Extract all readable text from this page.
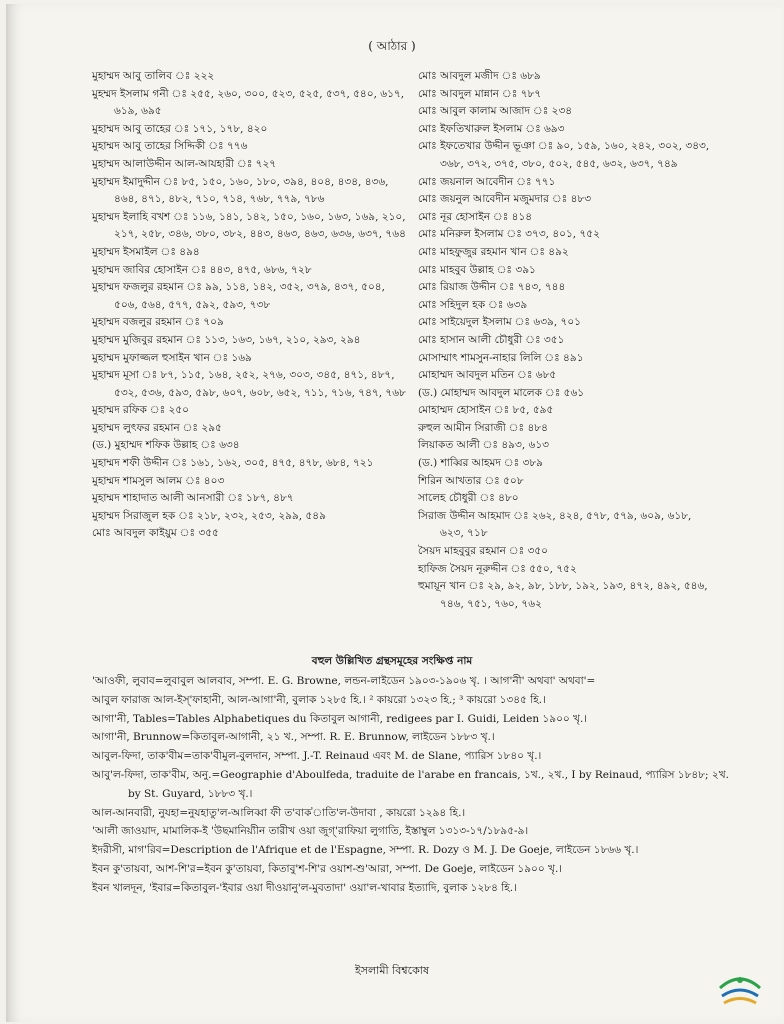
( আঠার )
মুহাম্মদ আবু তালিব ঃ ২২২
মুহম্মদ ইসলাম গনী ঃ ২৫৫, ২৬০, ৩০০, ৫২৩, ৫২৫, ৫৩৭, ৫৪০, ৬১৭, ৬১৯, ৬৯৫
মুহাম্মদ আবু তাহের ঃ ১৭১, ১৭৮, ৪২০
মুহাম্মদ আবু তাহের সিদ্দিকী ঃ ৭৭৬
মুহাম্মদ আলাউদ্দীন আল-আযহারী ঃ ৭২৭
মুহাম্মদ ইমাদুদ্দীন ঃ ৮৫, ১৫০, ১৬০, ১৮০, ৩৯৪, ৪০৪, ৪৩৪, ৪৩৬, ৪৬৪, ৪৭১, ৪৮২, ৭১০, ৭১৪, ৭৬৮, ৭৭৯, ৭৮৬
মুহাম্মদ ইলাহি বখশ ঃ ১১৬, ১৪১, ১৪২, ১৫০, ১৬০, ১৬৩, ১৬৯, ২১০, ২১৭, ২৫৮, ৩৪৬, ৩৮০, ৩৮২, ৪৪৩, ৪৬৩, ৪৬৩, ৬৩৬, ৬৩৭, ৭৬৪
মুহাম্মদ ইসমাইল ঃ ৪৯৪
মুহাম্মদ জাবির হোসাইন ঃ ৪৪৩, ৪৭৫, ৬৮৬, ৭২৮
মুহাম্মদ ফজলুর রহমান ঃ ৯৯, ১১৪, ১৪২, ৩৫২, ৩৭৯, ৪৩৭, ৫০৪, ৫০৬, ৫৬৪, ৫৭৭, ৫৯২, ৫৯৩, ৭৩৮
মুহাম্মদ বজলুর রহমান ঃ ৭০৯
মুহাম্মদ মুজিবুর রহমান ঃ ১১৩, ১৬৩, ১৬৭, ২১০, ২৯৩, ২৯৪
মুহাম্মদ মুফাজ্জল হুসাইন খান ঃ ১৬৯
মুহাম্মদ মূসা ঃ ৮৭, ১১৫, ১৬৪, ২৫২, ২৭৬, ৩০৩, ৩৪৫, ৪৭১, ৪৮৭, ৫৩২, ৫৩৬, ৫৯৩, ৫৯৮, ৬০৭, ৬০৮, ৬৫২, ৭১১, ৭১৬, ৭৪৭, ৭৬৮
মুহাম্মদ রফিক ঃ ২৫০
মুহাম্মদ লুৎফর রহমান ঃ ২৯৫
(ড.) মুহাম্মদ শফিক উল্লাহ ঃ ৬৩৪
মুহাম্মদ শফী উদ্দীন ঃ ১৬১, ১৬২, ৩০৫, ৪৭৫, ৪৭৮, ৬৮৪, ৭২১
মুহাম্মদ শামসুল আলম ঃ ৪০৩
মুহাম্মদ শাহাদাত আলী আনসারী ঃ ১৮৭, ৪৮৭
মুহাম্মদ সিরাজুল হক ঃ ২১৮, ২৩২, ২৫৩, ২৯৯, ৫৪৯
মোঃ আবদুল কাইয়ুম ঃ ৩৫৫
মোঃ আবদুল মজীদ ঃ ৬৮৯
মোঃ আবদুল মান্নান ঃ ৭৮৭
মোঃ আবুল কালাম আজাদ ঃ ২৩৪
মোঃ ইফতিখারুল ইসলাম ঃ ৬৯৩
মোঃ ইফতেখার উদ্দীন ভূঞা ঃ ৯০, ১৫৯, ১৬০, ২৪২, ৩০২, ৩৪৩, ৩৬৮, ৩৭২, ৩৭৫, ৩৮০, ৫০২, ৫৪৫, ৬৩২, ৬৩৭, ৭৪৯
মোঃ জয়নাল আবেদীন ঃ ৭৭১
মোঃ জয়নুল আবেদীন মজুমদার ঃ ৪৮৩
মোঃ নূর হোসাইন ঃ ৪১৪
মোঃ মনিরুল ইসলাম ঃ ৩৭৩, ৪০১, ৭৫২
মোঃ মাহফুজুর রহমান খান ঃ ৪৯২
মোঃ মাহবুব উল্লাহ ঃ ৩৯১
মোঃ রিয়াজ উদ্দীন ঃ ৭৪৩, ৭৪৪
মোঃ সহিদুল হক ঃ ৬৩৯
মোঃ সাইয়েদুল ইসলাম ঃ ৬৩৯, ৭০১
মোঃ হাসান আলী চৌধুরী ঃ ৩৫১
মোসাম্মাৎ শামসুন-নাহার লিলি ঃ ৪৯১
মোহাম্মদ আবদুল মতিন ঃ ৬৮৫
(ড.) মোহাম্মদ আবদুল মালেক ঃ ৫৬১
মোহাম্মদ হোসাইন ঃ ৮৫, ৫৯৫
রুহুল আমীন সিরাজী ঃ ৪৮৪
লিয়াকত আলী ঃ ৪৯৩, ৬১৩
(ড.) শাব্বির আহমদ ঃ ৩৮৯
শিরিন আখতার ঃ ৫০৮
সালেহ চৌধুরী ঃ ৪৮০
সিরাজ উদ্দীন আহমাদ ঃ ২৬২, ৪২৪, ৫৭৮, ৫৭৯, ৬০৯, ৬১৮, ৬২৩, ৭১৮
সৈয়দ মাহবুবুর রহমান ঃ ৩৫০
হাফিজ সৈয়দ নূরুদ্দীন ঃ ৫৫০, ৭৫২
হুমায়ূন খান ঃ ২৯, ৯২, ৯৮, ১৮৮, ১৯২, ১৯৩, ৪৭২, ৪৯২, ৫৪৬, ৭৪৬, ৭৫১, ৭৬০, ৭৬২
বহুল উল্লিখিত গ্রন্থসমূহের সংক্ষিপ্ত নাম
'আওফী, লুবাব=লুবাবুল আলবাব, সম্পা. E. G. Browne, লন্ডন-লাইডেন ১৯০৩-১৯০৬ খৃ. । আগ'নী' অথবা' অথবা'=
আবুল ফারাজ আল-ইস্'ফাহানী, আল-আগা'নী, বুলাক ১২৮৫ হি.। ² কায়রো ১৩২৩ হি.; ³ কায়রো ১৩৪৫ হি.।
আগা'নী, Tables=Tables Alphabetiques du কিতাবুল আগানী, redigees par I. Guidi, Leiden ১৯০০ খৃ.।
আগা'নী, Brunnow=কিতাবুল-আগানী, ২১ খ., সম্পা. R. E. Brunnow, লাইডেন ১৮৮৩ খৃ.।
আবুল-ফিদা, তাক'বীম=তাক'বীমুল-বুলদান, সম্পা. J.-T. Reinaud এবং M. de Slane, প্যারিস ১৮৪০ খৃ.।
আবু'ল-ফিদা, তাক'বীম, অনু.=Geographie d'Aboulfeda, traduite de l'arabe en francais, ১খ., ২খ., I by Reinaud, প্যারিস ১৮৪৮; ২খ. by St. Guyard, ১৮৮৩ খৃ.।
আল-আনবারী, নুযহা=নুযহাতু'ল-আলিব্বা ফী ত'বাক'াতি'ল-উদাবা , কায়রো ১২৯৪ হি.।
'আলী জাওয়াদ, মামালিক-ই 'উছমানিয়্যীন তারীখ ওয়া জুগ্'রাফিয়া লুগাতি, ইস্তাম্বুল ১৩১৩-১৭/১৮৯৫-৯।
ইদরীসী, মাগ'রিব=Description de l'Afrique et de l'Espagne, সম্পা. R. Dozy ও M. J. De Goeje, লাইডেন ১৮৬৬ খৃ.।
ইবন কু'তায়বা, আশ-শি'র=ইবন কু'তায়বা, কিতাবু'শ-শি'র ওয়াশ-শু'আরা, সম্পা. De Goeje, লাইডেন ১৯০০ খৃ.।
ইবন খালদূন, 'ইবার=কিতাবুল-'ইবার ওয়া দীওয়ানু'ল-মুবতাদা' ওয়া'ল-খাবার ইত্যাদি, বুলাক ১২৮৪ হি.।
ইসলামী বিশ্বকোষ
